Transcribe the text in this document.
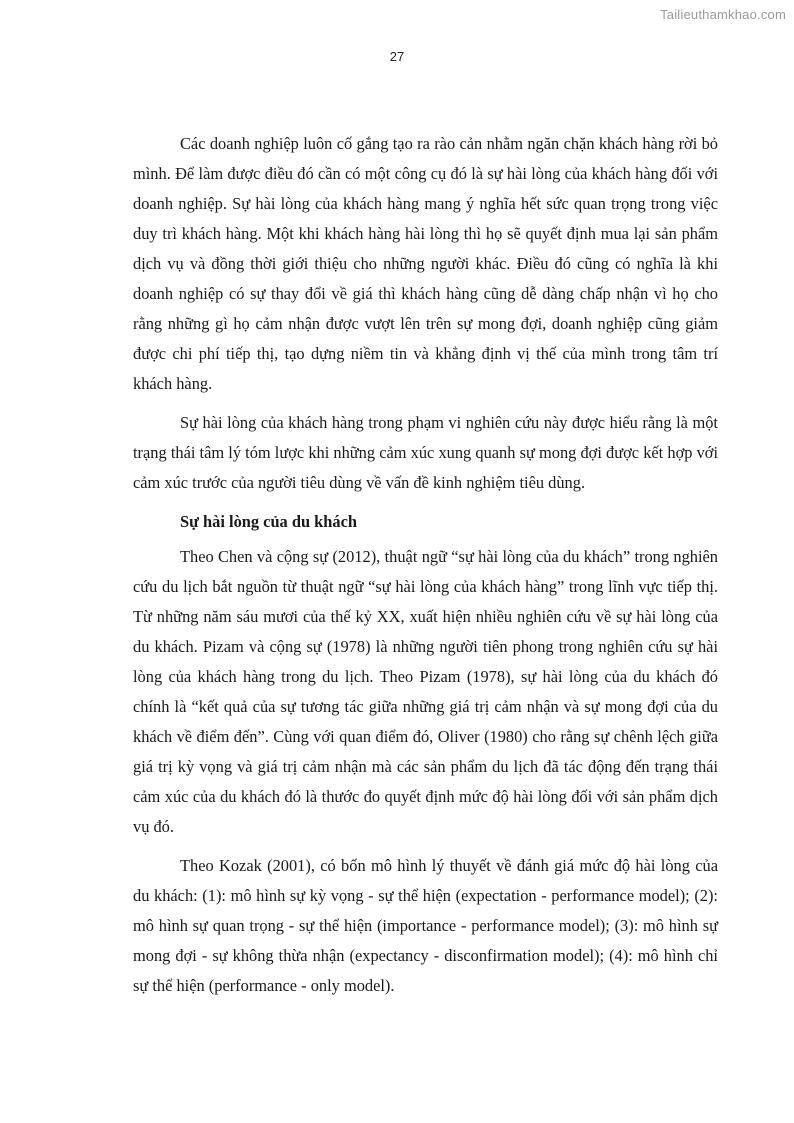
Tailieuthamkhao.com
27

Các doanh nghiệp luôn cố gắng tạo ra rào cản nhằm ngăn chặn khách hàng rời bỏ mình. Để làm được điều đó cần có một công cụ đó là sự hài lòng của khách hàng đối với doanh nghiệp. Sự hài lòng của khách hàng mang ý nghĩa hết sức quan trọng trong việc duy trì khách hàng. Một khi khách hàng hài lòng thì họ sẽ quyết định mua lại sản phẩm dịch vụ và đồng thời giới thiệu cho những người khác. Điều đó cũng có nghĩa là khi doanh nghiệp có sự thay đổi về giá thì khách hàng cũng dễ dàng chấp nhận vì họ cho rằng những gì họ cảm nhận được vượt lên trên sự mong đợi, doanh nghiệp cũng giảm được chi phí tiếp thị, tạo dựng niềm tin và khẳng định vị thế của mình trong tâm trí khách hàng.

Sự hài lòng của khách hàng trong phạm vi nghiên cứu này được hiểu rằng là một trạng thái tâm lý tóm lược khi những cảm xúc xung quanh sự mong đợi được kết hợp với cảm xúc trước của người tiêu dùng về vấn đề kinh nghiệm tiêu dùng.

Sự hài lòng của du khách

Theo Chen và cộng sự (2012), thuật ngữ “sự hài lòng của du khách” trong nghiên cứu du lịch bắt nguồn từ thuật ngữ “sự hài lòng của khách hàng” trong lĩnh vực tiếp thị. Từ những năm sáu mươi của thế kỷ XX, xuất hiện nhiều nghiên cứu về sự hài lòng của du khách. Pizam và cộng sự (1978) là những người tiên phong trong nghiên cứu sự hài lòng của khách hàng trong du lịch. Theo Pizam (1978), sự hài lòng của du khách đó chính là “kết quả của sự tương tác giữa những giá trị cảm nhận và sự mong đợi của du khách về điểm đến”. Cùng với quan điểm đó, Oliver (1980) cho rằng sự chênh lệch giữa giá trị kỳ vọng và giá trị cảm nhận mà các sản phẩm du lịch đã tác động đến trạng thái cảm xúc của du khách đó là thước đo quyết định mức độ hài lòng đối với sản phẩm dịch vụ đó.

Theo Kozak (2001), có bốn mô hình lý thuyết về đánh giá mức độ hài lòng của du khách: (1): mô hình sự kỳ vọng - sự thể hiện (expectation - performance model); (2): mô hình sự quan trọng - sự thể hiện (importance - performance model); (3): mô hình sự mong đợi - sự không thừa nhận (expectancy - disconfirmation model); (4): mô hình chỉ sự thể hiện (performance - only model).
